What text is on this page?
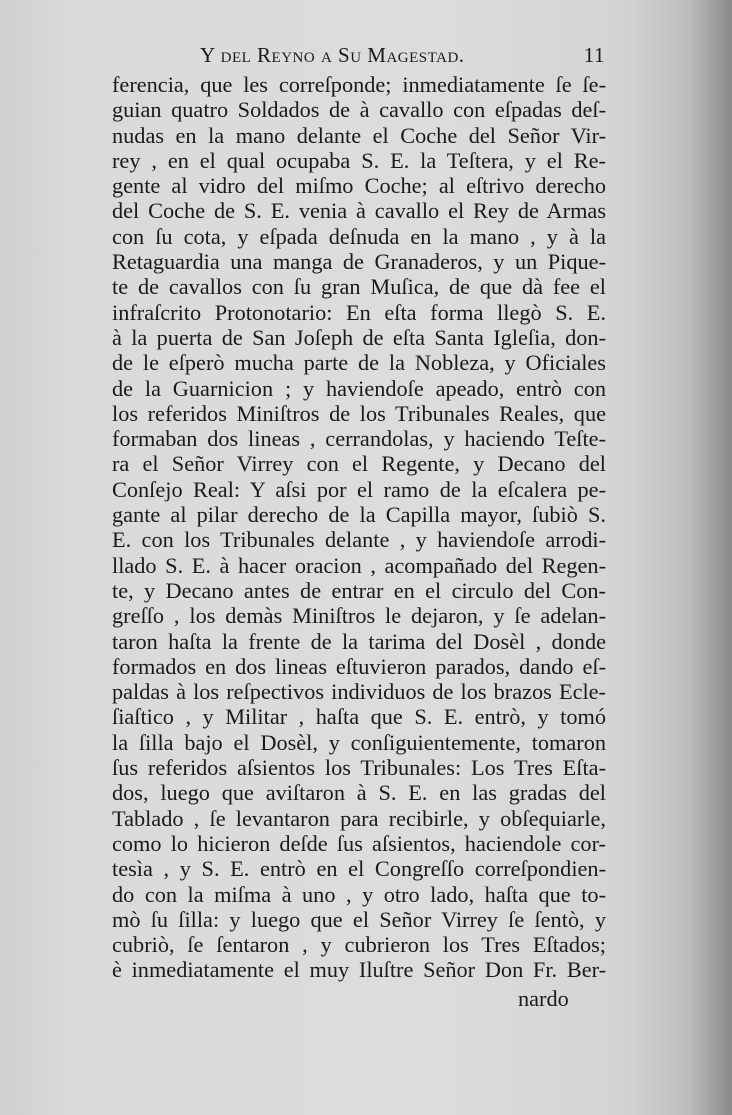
Y del Reyno a Su Magestad.	11
ferencia, que les correſponde; inmediatamente ſe ſe-
guian quatro Soldados de à cavallo con eſpadas deſ-
nudas en la mano delante el Coche del Señor Vir-
rey , en el qual ocupaba S. E. la Teſtera, y el Re-
gente al vidro del miſmo Coche; al eſtrivo derecho
del Coche de S. E. venia à cavallo el Rey de Armas
con ſu cota, y eſpada deſnuda en la mano , y à la
Retaguardia una manga de Granaderos, y un Pique-
te de cavallos con ſu gran Muſica, de que dà fee el
infraſcrito Protonotario: En eſta forma llegò S. E.
à la puerta de San Joſeph de eſta Santa Igleſia, don-
de le eſperò mucha parte de la Nobleza, y Oficiales
de la Guarnicion ; y haviendoſe apeado, entrò con
los referidos Miniſtros de los Tribunales Reales, que
formaban dos lineas , cerrandolas, y haciendo Teſte-
ra el Señor Virrey con el Regente, y Decano del
Conſejo Real: Y aſsi por el ramo de la eſcalera pe-
gante al pilar derecho de la Capilla mayor, ſubiò S.
E. con los Tribunales delante , y haviendoſe arrodi-
llado S. E. à hacer oracion , acompañado del Regen-
te, y Decano antes de entrar en el circulo del Con-
greſſo , los demàs Miniſtros le dejaron, y ſe adelan-
taron haſta la frente de la tarima del Dosèl , donde
formados en dos lineas eſtuvieron parados, dando eſ-
paldas à los reſpectivos individuos de los brazos Ecle-
ſiaſtico , y Militar , haſta que S. E. entrò, y tomó
la ſilla bajo el Dosèl, y conſiguientemente, tomaron
ſus referidos aſsientos los Tribunales: Los Tres Eſta-
dos, luego que aviſtaron à S. E. en las gradas del
Tablado , ſe levantaron para recibirle, y obſequiarle,
como lo hicieron deſde ſus aſsientos, haciendole cor-
tesìa , y S. E. entrò en el Congreſſo correſpondien-
do con la miſma à uno , y otro lado, haſta que to-
mò ſu ſilla: y luego que el Señor Virrey ſe ſentò, y
cubriò, ſe ſentaron , y cubrieron los Tres Eſtados;
è inmediatamente el muy Iluſtre Señor Don Fr. Ber-
nardo
